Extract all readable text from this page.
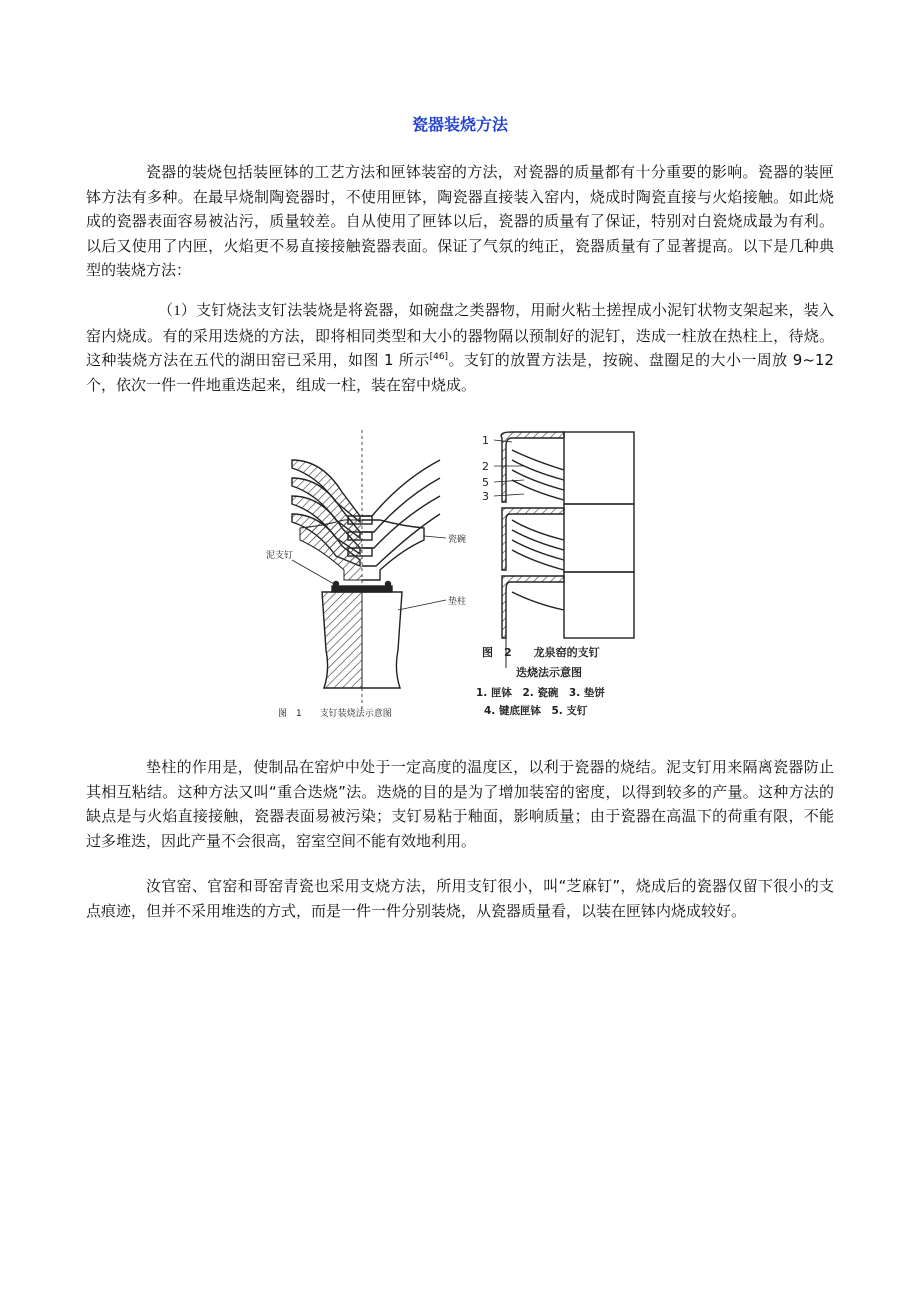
瓷器装烧方法

瓷器的装烧包括装匣钵的工艺方法和匣钵装窑的方法，对瓷器的质量都有十分重要的影响。瓷器的装匣钵方法有多种。在最早烧制陶瓷器时，不使用匣钵，陶瓷器直接装入窑内，烧成时陶瓷直接与火焰接触。如此烧成的瓷器表面容易被沾污，质量较差。自从使用了匣钵以后，瓷器的质量有了保证，特别对白瓷烧成最为有利。以后又使用了内匣，火焰更不易直接接触瓷器表面。保证了气氛的纯正，瓷器质量有了显著提高。以下是几种典型的装烧方法：

（1）支钉烧法支钉法装烧是将瓷器，如碗盘之类器物，用耐火粘土搓捏成小泥钉状物支架起来，装入窑内烧成。有的采用迭烧的方法，即将相同类型和大小的器物隔以预制好的泥钉，迭成一柱放在热柱上，待烧。这种装烧方法在五代的湖田窑已采用，如图 1 所示[46]。支钉的放置方法是，按碗、盘圈足的大小一周放 9~12 个，依次一件一件地重迭起来，组成一柱，装在窑中烧成。

泥支钉
瓷碗
垫柱
图　1　　支钉装烧法示意图
1
2
5
3
图　2　　龙泉窑的支钉
迭烧法示意图
1. 匣钵　2. 瓷碗　3. 垫饼
4. 键底匣钵　5. 支钉

垫柱的作用是，使制品在窑炉中处于一定高度的温度区，以利于瓷器的烧结。泥支钉用来隔离瓷器防止其相互粘结。这种方法又叫“重合迭烧”法。迭烧的目的是为了增加装窑的密度，以得到较多的产量。这种方法的缺点是与火焰直接接触，瓷器表面易被污染；支钉易粘于釉面，影响质量；由于瓷器在高温下的荷重有限，不能过多堆迭，因此产量不会很高，窑室空间不能有效地利用。

汝官窑、官窑和哥窑青瓷也采用支烧方法，所用支钉很小，叫“芝麻钉”，烧成后的瓷器仅留下很小的支点痕迹，但并不采用堆迭的方式，而是一件一件分别装烧，从瓷器质量看，以装在匣钵内烧成较好。
